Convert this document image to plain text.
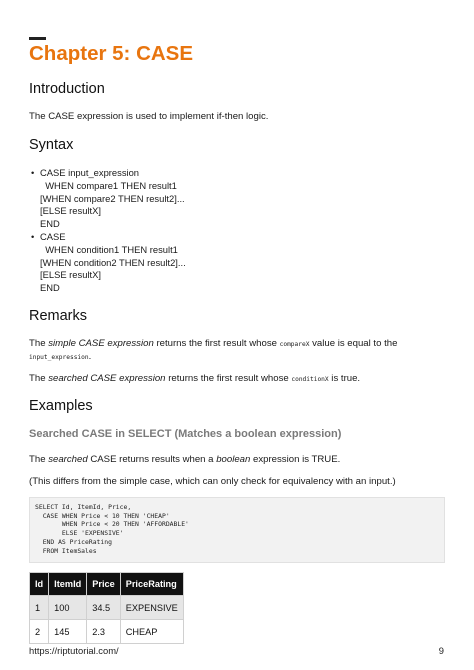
Chapter 5: CASE
Introduction
The CASE expression is used to implement if-then logic.
Syntax
• CASE input_expression
WHEN compare1 THEN result1
[WHEN compare2 THEN result2]...
[ELSE resultX]
END
• CASE
WHEN condition1 THEN result1
[WHEN condition2 THEN result2]...
[ELSE resultX]
END
Remarks
The simple CASE expression returns the first result whose compareX value is equal to the
input_expression.
The searched CASE expression returns the first result whose conditionX is true.
Examples
Searched CASE in SELECT (Matches a boolean expression)
The searched CASE returns results when a boolean expression is TRUE.
(This differs from the simple case, which can only check for equivalency with an input.)
SELECT Id, ItemId, Price,
CASE WHEN Price < 10 THEN 'CHEAP'
WHEN Price < 20 THEN 'AFFORDABLE'
ELSE 'EXPENSIVE'
END AS PriceRating
FROM ItemSales
Id	ItemId	Price	PriceRating
1	100	34.5	EXPENSIVE
2	145	2.3	CHEAP
https://riptutorial.com/	9
